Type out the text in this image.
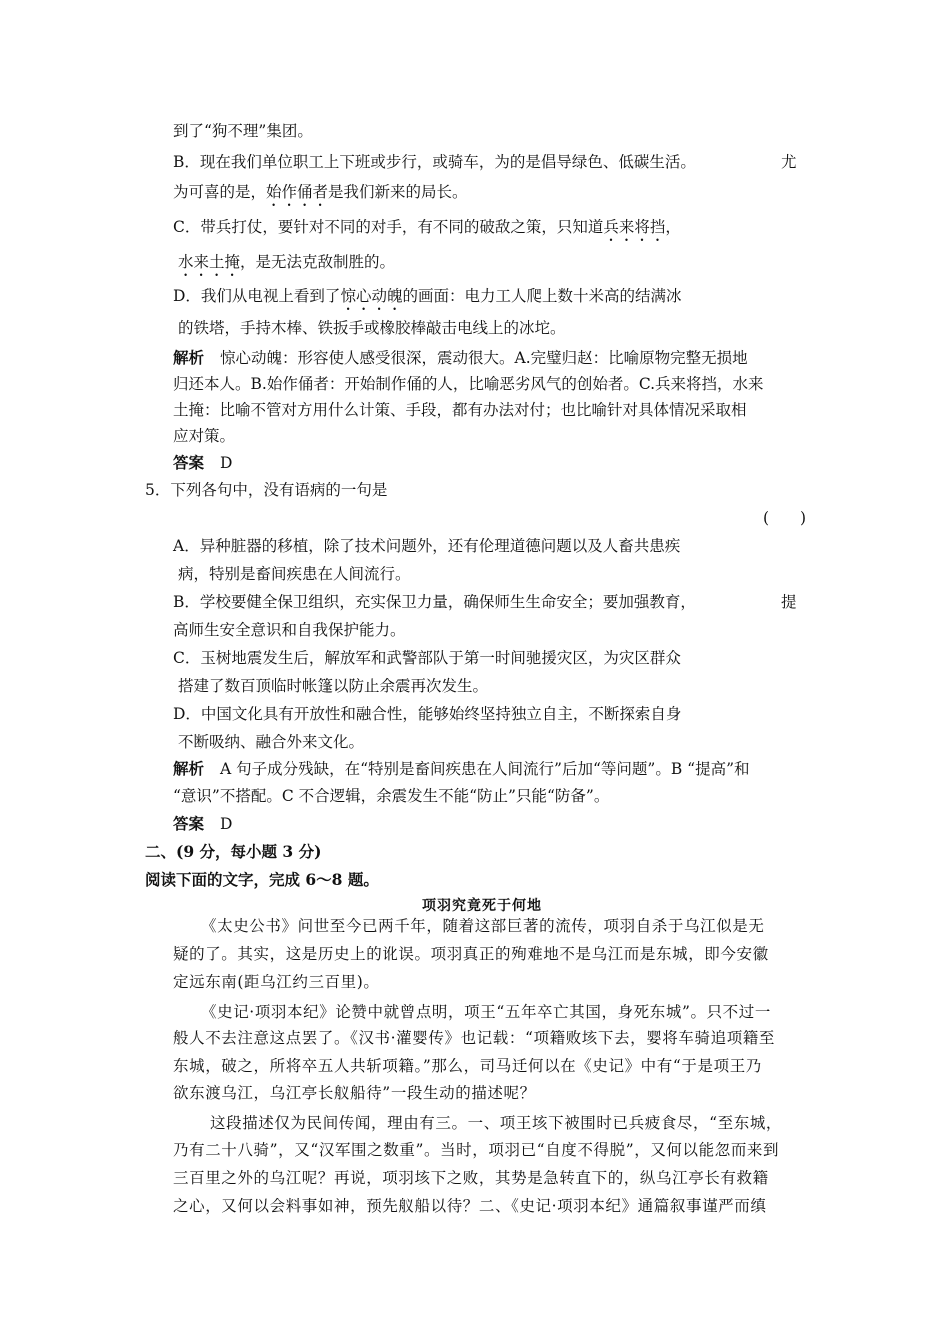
到了“狗不理”集团。
B．现在我们单位职工上下班或步行，或骑车，为的是倡导绿色、低碳生活。	尤
为可喜的是，始作俑者是我们新来的局长。
C．带兵打仗，要针对不同的对手，有不同的破敌之策，只知道兵来将挡，
水来土掩，是无法克敌制胜的。
D．我们从电视上看到了惊心动魄的画面：电力工人爬上数十米高的结满冰
的铁塔，手持木棒、铁扳手或橡胶棒敲击电线上的冰坨。
解析 惊心动魄：形容使人感受很深，震动很大。A.完璧归赵：比喻原物完整无损地
归还本人。B.始作俑者：开始制作俑的人，比喻恶劣风气的创始者。C.兵来将挡，水来
土掩：比喻不管对方用什么计策、手段，都有办法对付；也比喻针对具体情况采取相
应对策。
答案 D
5．下列各句中，没有语病的一句是
(　　)
A．异种脏器的移植，除了技术问题外，还有伦理道德问题以及人畜共患疾
病，特别是畜间疾患在人间流行。
B．学校要健全保卫组织，充实保卫力量，确保师生生命安全；要加强教育，	提
高师生安全意识和自我保护能力。
C．玉树地震发生后，解放军和武警部队于第一时间驰援灾区，为灾区群众
搭建了数百顶临时帐篷以防止余震再次发生。
D．中国文化具有开放性和融合性，能够始终坚持独立自主，不断探索自身
不断吸纳、融合外来文化。
解析 A 句子成分残缺，在“特别是畜间疾患在人间流行”后加“等问题”。B “提高”和
“意识”不搭配。C 不合逻辑，余震发生不能“防止”只能“防备”。
答案 D
二、(9 分，每小题 3 分)
阅读下面的文字，完成 6～8 题。
项羽究竟死于何地
《太史公书》问世至今已两千年，随着这部巨著的流传，项羽自杀于乌江似是无
疑的了。其实，这是历史上的讹误。项羽真正的殉难地不是乌江而是东城，即今安徽
定远东南(距乌江约三百里)。
《史记·项羽本纪》论赞中就曾点明，项王“五年卒亡其国，身死东城”。只不过一
般人不去注意这点罢了。《汉书·灌婴传》也记载：“项籍败垓下去，婴将车骑追项籍至
东城，破之，所将卒五人共斩项籍。”那么，司马迁何以在《史记》中有“于是项王乃
欲东渡乌江，乌江亭长舣船待”一段生动的描述呢？
这段描述仅为民间传闻，理由有三。一、项王垓下被围时已兵疲食尽，“至东城，
乃有二十八骑”，又“汉军围之数重”。当时，项羽已“自度不得脱”，又何以能忽而来到
三百里之外的乌江呢？再说，项羽垓下之败，其势是急转直下的，纵乌江亭长有救籍
之心，又何以会料事如神，预先舣船以待？二、《史记·项羽本纪》通篇叙事谨严而缜
